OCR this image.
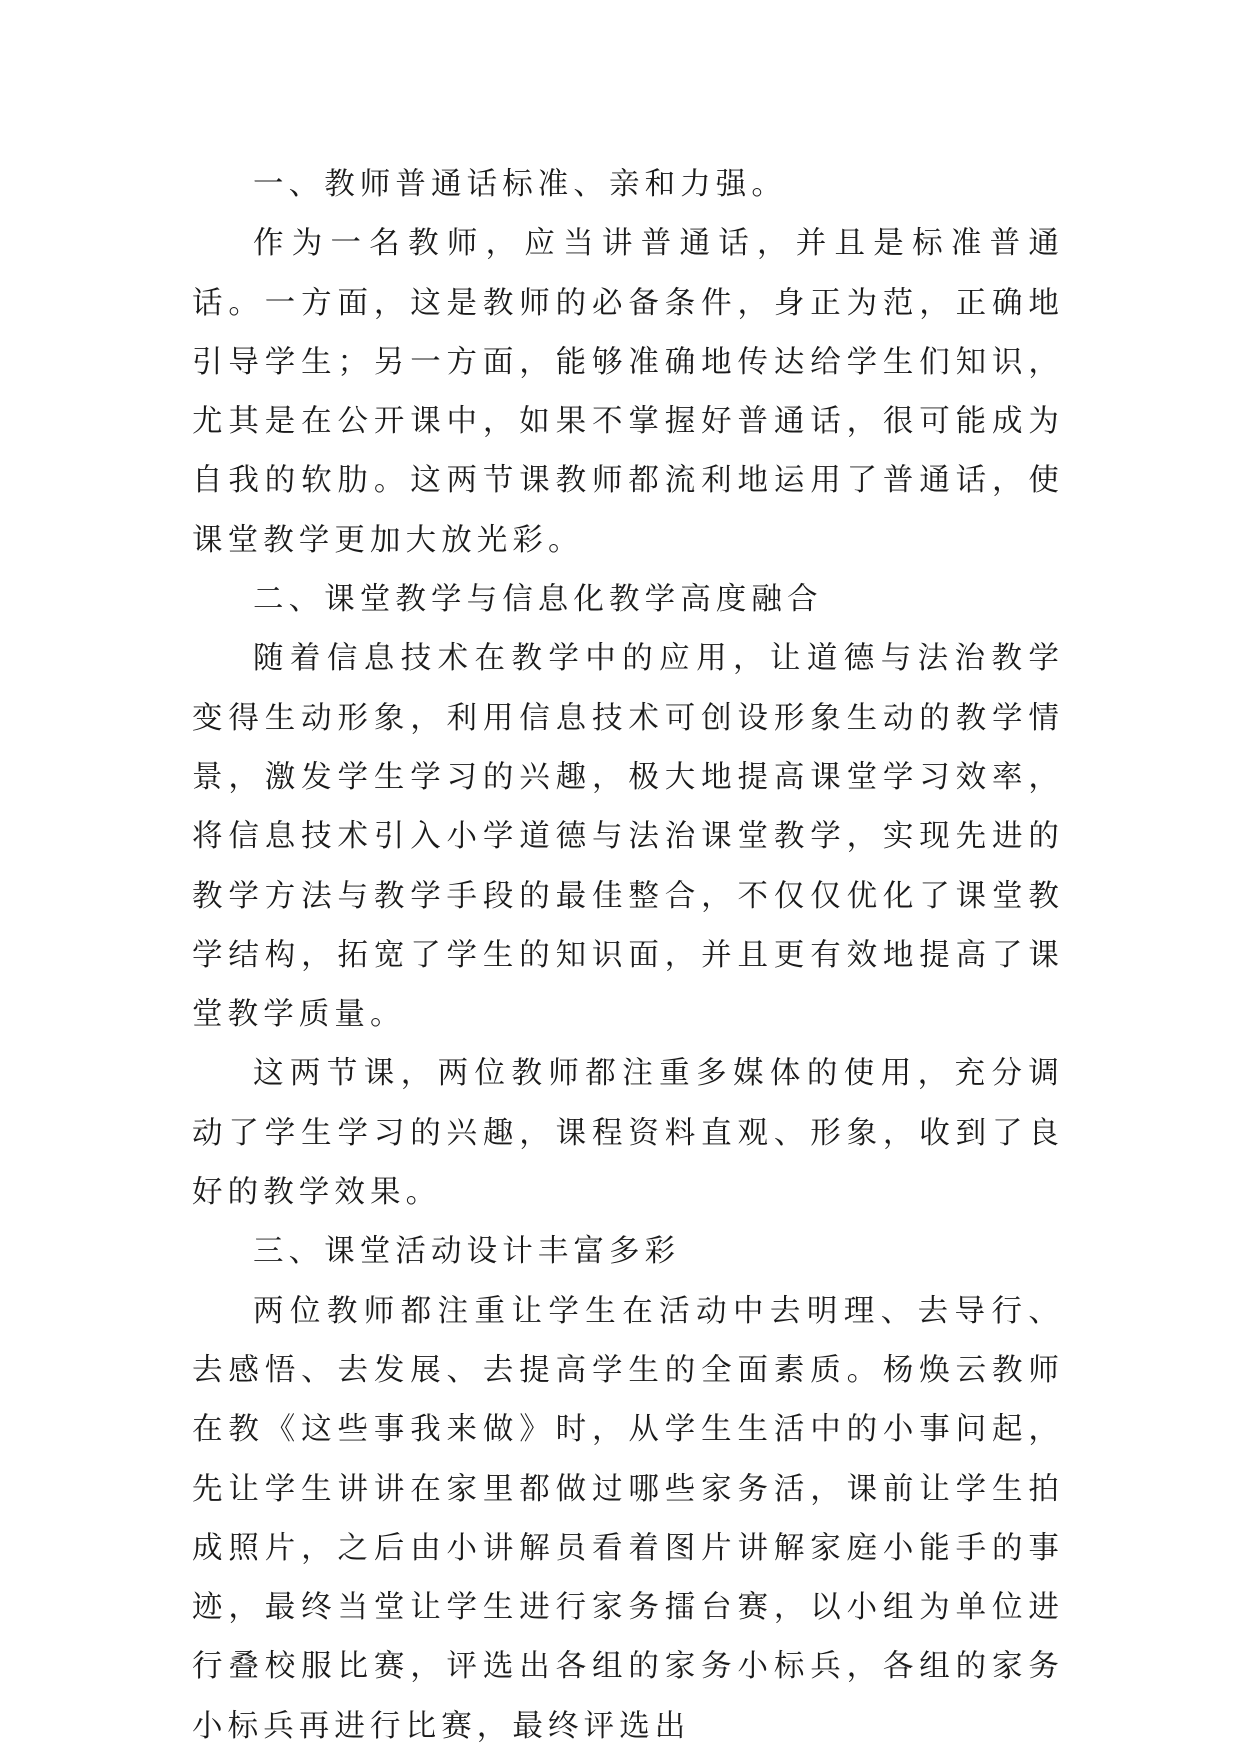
一、教师普通话标准、亲和力强。

作为一名教师，应当讲普通话，并且是标准普通话。一方面，这是教师的必备条件，身正为范，正确地引导学生；另一方面，能够准确地传达给学生们知识，尤其是在公开课中，如果不掌握好普通话，很可能成为自我的软肋。这两节课教师都流利地运用了普通话，使课堂教学更加大放光彩。

二、课堂教学与信息化教学高度融合

随着信息技术在教学中的应用，让道德与法治教学变得生动形象，利用信息技术可创设形象生动的教学情景，激发学生学习的兴趣，极大地提高课堂学习效率，将信息技术引入小学道德与法治课堂教学，实现先进的教学方法与教学手段的最佳整合，不仅仅优化了课堂教学结构，拓宽了学生的知识面，并且更有效地提高了课堂教学质量。

这两节课，两位教师都注重多媒体的使用，充分调动了学生学习的兴趣，课程资料直观、形象，收到了良好的教学效果。

三、课堂活动设计丰富多彩

两位教师都注重让学生在活动中去明理、去导行、去感悟、去发展、去提高学生的全面素质。杨焕云教师在教《这些事我来做》时，从学生生活中的小事问起，先让学生讲讲在家里都做过哪些家务活，课前让学生拍成照片，之后由小讲解员看着图片讲解家庭小能手的事迹，最终当堂让学生进行家务擂台赛，以小组为单位进行叠校服比赛，评选出各组的家务小标兵，各组的家务小标兵再进行比赛，最终评选出
